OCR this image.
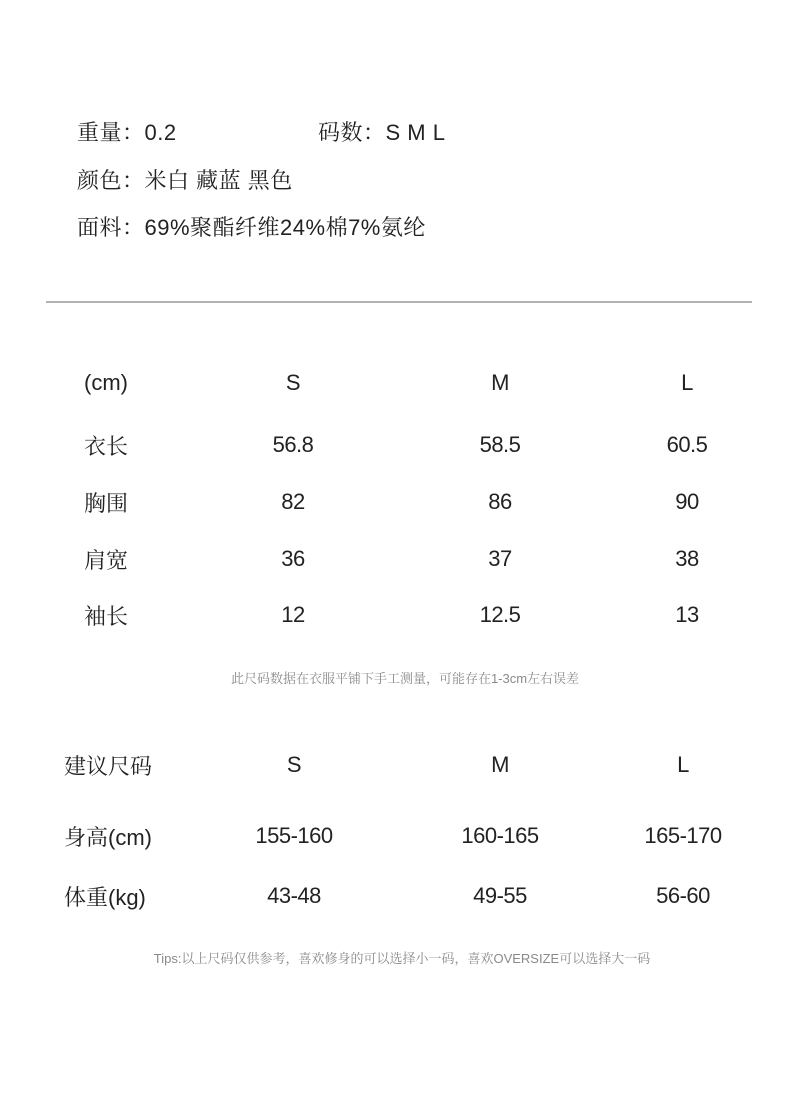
重量：0.2	码数：S M L
颜色：米白 藏蓝 黑色
面料：69%聚酯纤维24%棉7%氨纶
(cm)	S	M	L
衣长	56.8	58.5	60.5
胸围	82	86	90
肩宽	36	37	38
袖长	12	12.5	13
此尺码数据在衣服平铺下手工测量，可能存在1-3cm左右误差
建议尺码	S	M	L
身高(cm)	155-160	160-165	165-170
体重(kg)	43-48	49-55	56-60
Tips:以上尺码仅供参考，喜欢修身的可以选择小一码，喜欢OVERSIZE可以选择大一码
